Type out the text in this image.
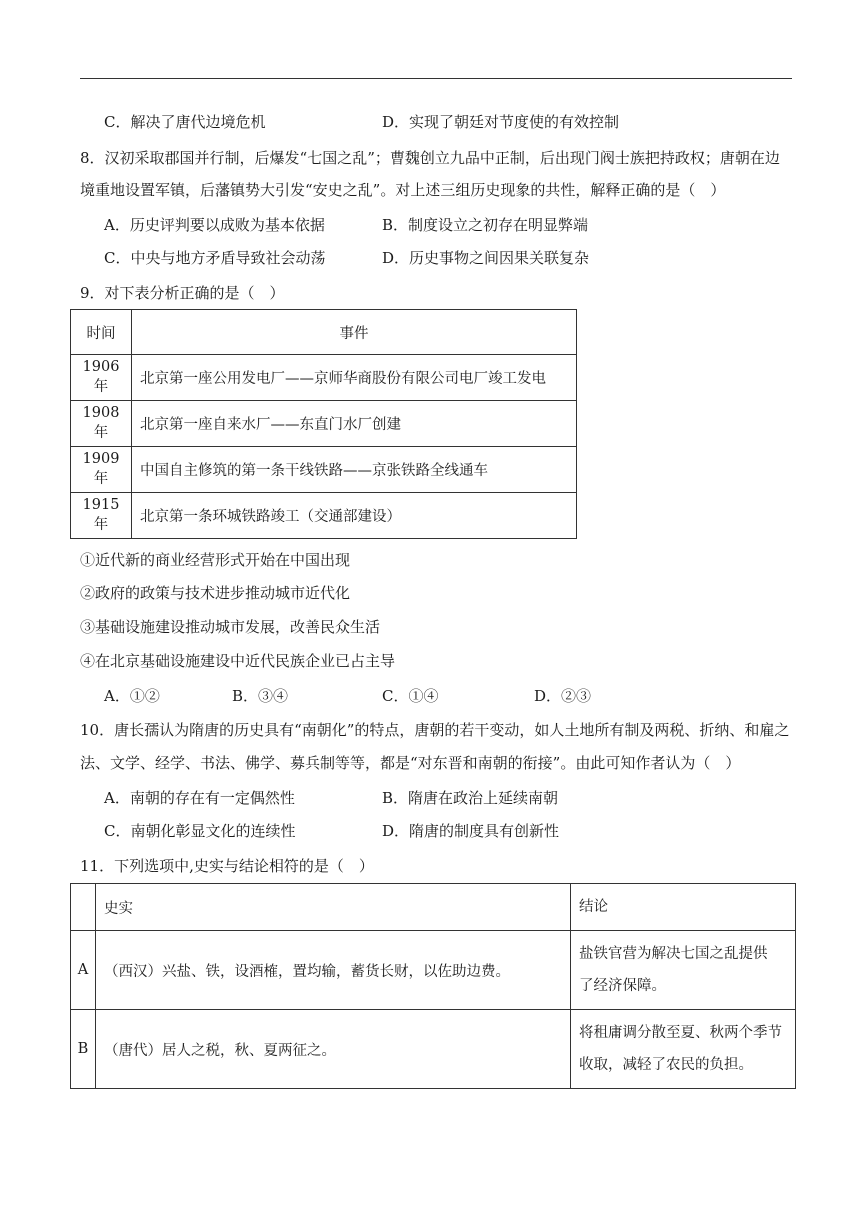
C．解决了唐代边境危机	D．实现了朝廷对节度使的有效控制
8．汉初采取郡国并行制，后爆发“七国之乱”；曹魏创立九品中正制，后出现门阀士族把持政权；唐朝在边
境重地设置军镇，后藩镇势大引发“安史之乱”。对上述三组历史现象的共性，解释正确的是（　）
A．历史评判要以成败为基本依据	B．制度设立之初存在明显弊端
C．中央与地方矛盾导致社会动荡	D．历史事物之间因果关联复杂
9．对下表分析正确的是（　）
时间	事件
1906 年	北京第一座公用发电厂——京师华商股份有限公司电厂竣工发电
1908 年	北京第一座自来水厂——东直门水厂创建
1909 年	中国自主修筑的第一条干线铁路——京张铁路全线通车
1915 年	北京第一条环城铁路竣工（交通部建设）
①近代新的商业经营形式开始在中国出现
②政府的政策与技术进步推动城市近代化
③基础设施建设推动城市发展，改善民众生活
④在北京基础设施建设中近代民族企业已占主导
A．①②	B．③④	C．①④	D．②③
10．唐长孺认为隋唐的历史具有“南朝化”的特点，唐朝的若干变动，如人土地所有制及两税、折纳、和雇之
法、文学、经学、书法、佛学、募兵制等等，都是“对东晋和南朝的衔接”。由此可知作者认为（　）
A．南朝的存在有一定偶然性	B．隋唐在政治上延续南朝
C．南朝化彰显文化的连续性	D．隋唐的制度具有创新性
11．下列选项中,史实与结论相符的是（　）
	史实	结论
A	（西汉）兴盐、铁，设酒榷，置均输，蓄货长财，以佐助边费。	盐铁官营为解决七国之乱提供
了经济保障。

B	（唐代）居人之税，秋、夏两征之。	将租庸调分散至夏、秋两个季节
收取，减轻了农民的负担。
